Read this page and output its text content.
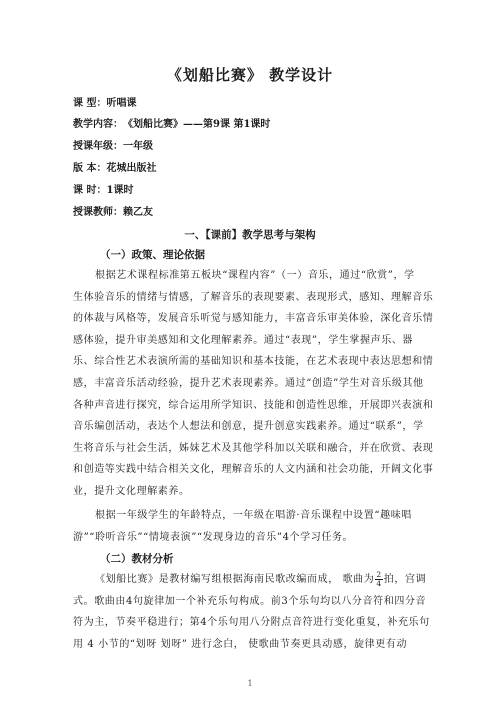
《划船比赛》 教学设计
课 型：听唱课
教学内容：《划船比赛》——第9课 第1课时
授课年级：一年级
版 本：花城出版社
课 时：1课时
授课教师：赖乙友
一、【课前】教学思考与架构
（一）政策、理论依据
根据艺术课程标准第五板块“课程内容”（一）音乐，通过“欣赏”，学
生体验音乐的情绪与情感，了解音乐的表现要素、表现形式，感知、理解音乐
的体裁与风格等，发展音乐听觉与感知能力，丰富音乐审美体验，深化音乐情
感体验，提升审美感知和文化理解素养。通过“表现”，学生掌握声乐、器
乐、综合性艺术表演所需的基础知识和基本技能，在艺术表现中表达思想和情
感，丰富音乐活动经验，提升艺术表现素养。通过“创造”学生对音乐级其他
各种声音进行探究，综合运用所学知识、技能和创造性思维，开展即兴表演和
音乐编创活动，表达个人想法和创意，提升创意实践素养。通过“联系”，学
生将音乐与社会生活，姊妹艺术及其他学科加以关联和融合，并在欣赏、表现
和创造等实践中结合相关文化，理解音乐的人文内涵和社会功能，开阔文化事
业，提升文化理解素养。
根据一年级学生的年龄特点，一年级在唱游·音乐课程中设置“趣味唱
游”“聆听音乐”“情境表演”“发现身边的音乐”4个学习任务。
（二）教材分析
《划船比赛》是教材编写组根据海南民歌改编而成， 歌曲为 $\frac{2}{4}$ 拍，宫调
式。歌曲由4句旋律加一个补充乐句构成。前3个乐句均以八分音符和四分音
符为主，节奏平稳进行；第4个乐句用八分附点音符进行变化重复，补充乐句
用 4 小节的“划呀 划呀” 进行念白， 使歌曲节奏更具动感，旋律更有动
1
